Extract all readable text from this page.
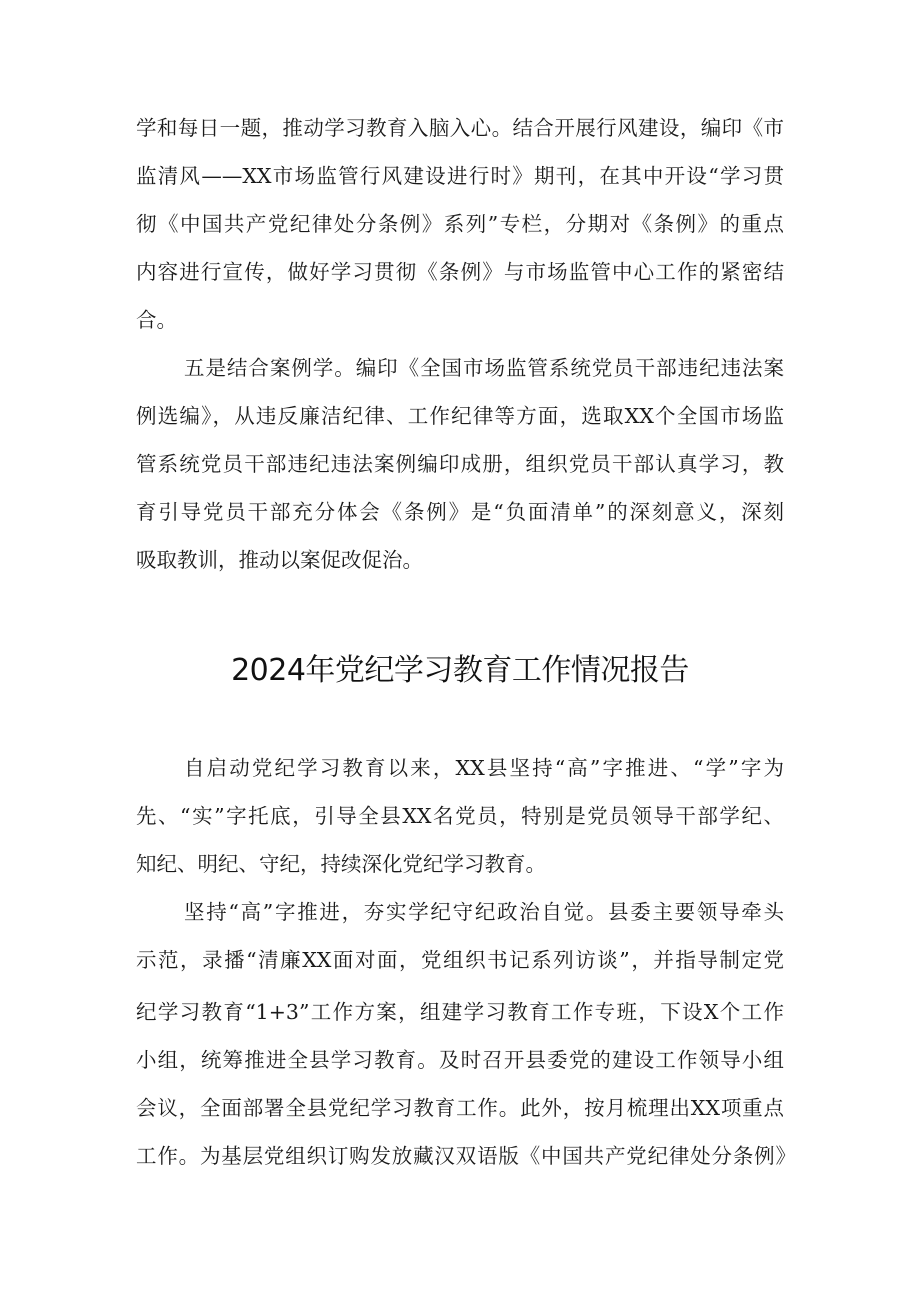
学和每日一题，推动学习教育入脑入心。结合开展行风建设，编印《市
监清风——XX市场监管行风建设进行时》期刊，在其中开设“学习贯
彻《中国共产党纪律处分条例》系列”专栏，分期对《条例》的重点
内容进行宣传，做好学习贯彻《条例》与市场监管中心工作的紧密结
合。
五是结合案例学。编印《全国市场监管系统党员干部违纪违法案
例选编》，从违反廉洁纪律、工作纪律等方面，选取XX个全国市场监
管系统党员干部违纪违法案例编印成册，组织党员干部认真学习，教
育引导党员干部充分体会《条例》是“负面清单”的深刻意义，深刻
吸取教训，推动以案促改促治。
2024年党纪学习教育工作情况报告
自启动党纪学习教育以来，XX县坚持“高”字推进、“学”字为
先、“实”字托底，引导全县XX名党员，特别是党员领导干部学纪、
知纪、明纪、守纪，持续深化党纪学习教育。
坚持“高”字推进，夯实学纪守纪政治自觉。县委主要领导牵头
示范，录播“清廉XX面对面，党组织书记系列访谈”，并指导制定党
纪学习教育“1+3”工作方案，组建学习教育工作专班，下设X个工作
小组，统筹推进全县学习教育。及时召开县委党的建设工作领导小组
会议，全面部署全县党纪学习教育工作。此外，按月梳理出XX项重点
工作。为基层党组织订购发放藏汉双语版《中国共产党纪律处分条例》
